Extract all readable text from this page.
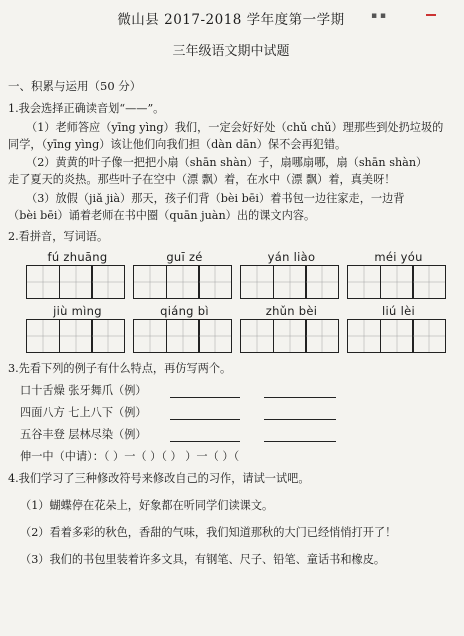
▪ ▪
微山县 2017-2018 学年度第一学期
三年级语文期中试题
一、积累与运用（50 分）
1.我会选择正确读音划“——”。
（1）老师答应（yīng yìng）我们，一定会好好处（chǔ chǔ）理那些到处扔垃圾的
同学，（yīng yìng）该让他们向我们担（dàn dān）保不会再犯错。
（2）黄黄的叶子像一把把小扇（shān shàn）子，扇哪扇哪，扇（shān shàn）
走了夏天的炎热。那些叶子在空中（漂 飘）着，在水中（漂 飘）着，真美呀！
（3）放假（jiǎ jià）那天，孩子们背（bèi bēi）着书包一边往家走，一边背
（bèi bēi）诵着老师在书中圈（quān juàn）出的课文内容。
2.看拼音，写词语。
fú zhuāng	guī zé	yán liào	méi yóu
jiù mìng	qiáng bì	zhǔn bèi	liú lèi
3.先看下列的例子有什么特点，再仿写两个。
口十舌燥 张牙舞爪（例）
四面八方 七上八下（例）
五谷丰登 层林尽染（例）
伸一中（中请）：（ ）一（ ）（ ） ）一（ ）（
4.我们学习了三种修改符号来修改自己的习作，请试一试吧。
（1）蝴蝶停在花朵上，好象都在听同学们读课文。
（2）看着多彩的秋色，香甜的气味，我们知道那秋的大门已经悄悄打开了！
（3）我们的书包里装着许多文具，有钢笔、尺子、铅笔、童话书和橡皮。
